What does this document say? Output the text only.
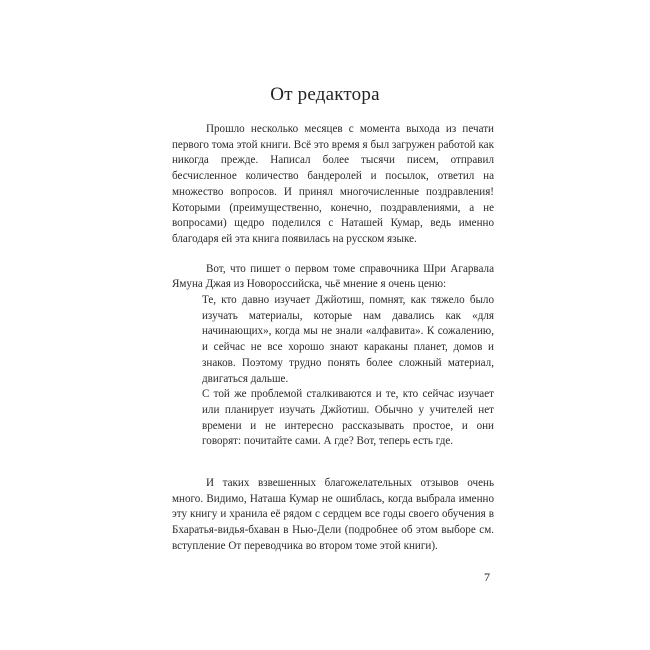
От редактора

Прошло несколько месяцев с момента выхода из печати первого тома этой книги. Всё это время я был загружен работой как никогда прежде. Написал более тысячи писем, отправил бесчисленное количество бандеролей и посылок, ответил на множество вопросов. И принял многочисленные поздравления! Которыми (преимущественно, конечно, поздравлениями, а не вопросами) щедро поделился с Наташей Кумар, ведь именно благодаря ей эта книга появилась на русском языке.

Вот, что пишет о первом томе справочника Шри Агарвала Ямуна Джая из Новороссийска, чьё мнение я очень ценю:

Те, кто давно изучает Джйотиш, помнят, как тяжело было изучать материалы, которые нам давались как «для начинающих», когда мы не знали «алфавита». К сожалению, и сейчас не все хорошо знают караканы планет, домов и знаков. Поэтому трудно понять более сложный материал, двигаться дальше.

С той же проблемой сталкиваются и те, кто сейчас изучает или планирует изучать Джйотиш. Обычно у учителей нет времени и не интересно рассказывать простое, и они говорят: почитайте сами. А где? Вот, теперь есть где.

И таких взвешенных благожелательных отзывов очень много. Видимо, Наташа Кумар не ошиблась, когда выбрала именно эту книгу и хранила её рядом с сердцем все годы своего обучения в Бхаратья-видья-бхаван в Нью-Дели (подробнее об этом выборе см. вступление От переводчика во втором томе этой книги).

7
